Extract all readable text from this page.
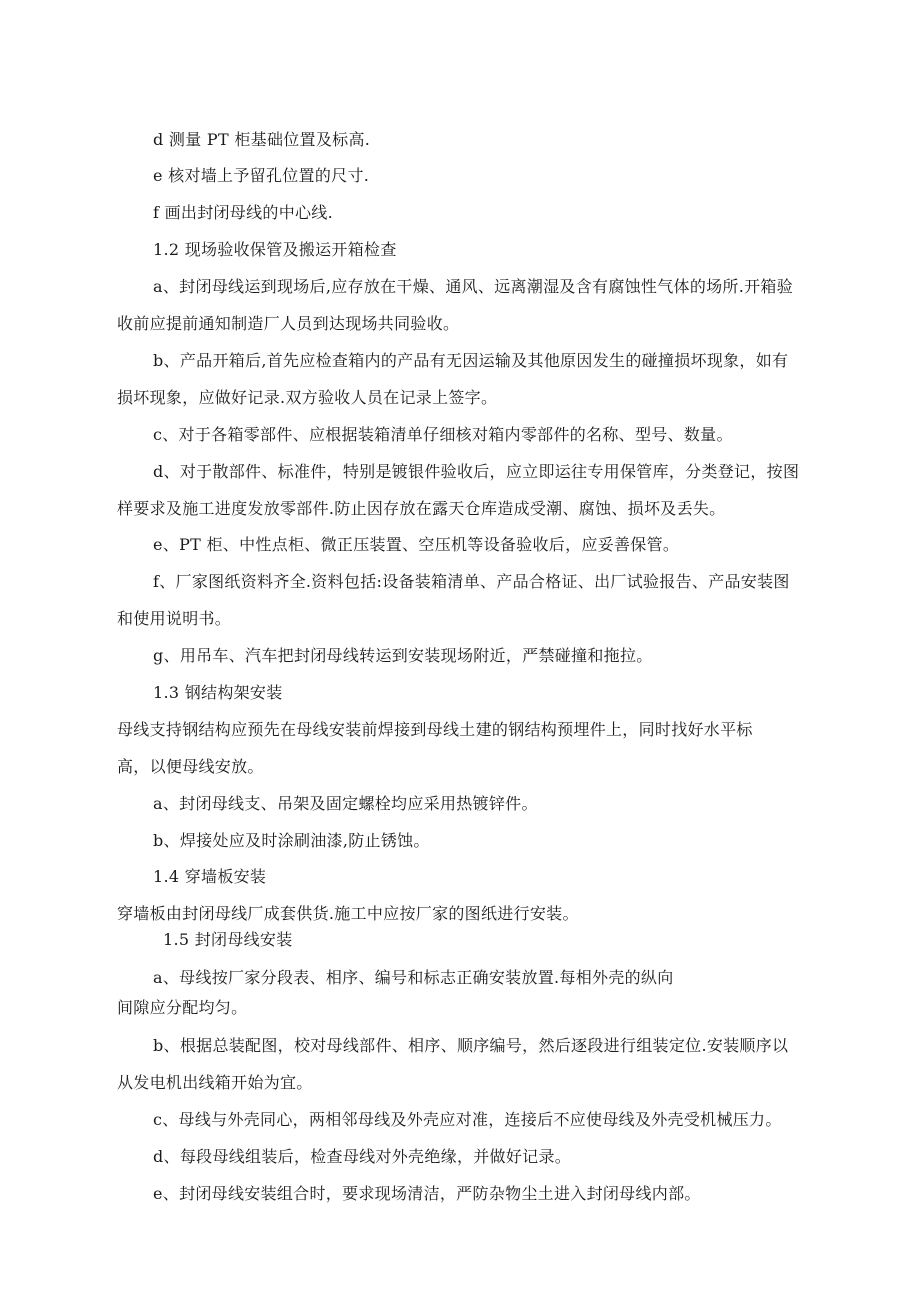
d 测量 PT 柜基础位置及标高.

e 核对墙上予留孔位置的尺寸.

f 画出封闭母线的中心线.

1.2 现场验收保管及搬运开箱检查

a、封闭母线运到现场后,应存放在干燥、通风、远离潮湿及含有腐蚀性气体的场所.开箱验

收前应提前通知制造厂人员到达现场共同验收。

b、产品开箱后,首先应检查箱内的产品有无因运输及其他原因发生的碰撞损坏现象，如有

损坏现象，应做好记录.双方验收人员在记录上签字。

c、对于各箱零部件、应根据装箱清单仔细核对箱内零部件的名称、型号、数量。

d、对于散部件、标准件，特别是镀银件验收后，应立即运往专用保管库，分类登记，按图

样要求及施工进度发放零部件.防止因存放在露天仓库造成受潮、腐蚀、损坏及丢失。

e、PT 柜、中性点柜、微正压装置、空压机等设备验收后，应妥善保管。

f、厂家图纸资料齐全.资料包括:设备装箱清单、产品合格证、出厂试验报告、产品安装图

和使用说明书。

g、用吊车、汽车把封闭母线转运到安装现场附近，严禁碰撞和拖拉。

1.3 钢结构架安装

母线支持钢结构应预先在母线安装前焊接到母线土建的钢结构预埋件上，同时找好水平标

高，以便母线安放。

a、封闭母线支、吊架及固定螺栓均应采用热镀锌件。

b、焊接处应及时涂刷油漆,防止锈蚀。

1.4 穿墙板安装

穿墙板由封闭母线厂成套供货.施工中应按厂家的图纸进行安装。

1.5 封闭母线安装

a、母线按厂家分段表、相序、编号和标志正确安装放置.每相外壳的纵向

间隙应分配均匀。

b、根据总装配图，校对母线部件、相序、顺序编号，然后逐段进行组装定位.安装顺序以

从发电机出线箱开始为宜。

c、母线与外壳同心，两相邻母线及外壳应对准，连接后不应使母线及外壳受机械压力。

d、每段母线组装后，检查母线对外壳绝缘，并做好记录。

e、封闭母线安装组合时，要求现场清洁，严防杂物尘土进入封闭母线内部。
